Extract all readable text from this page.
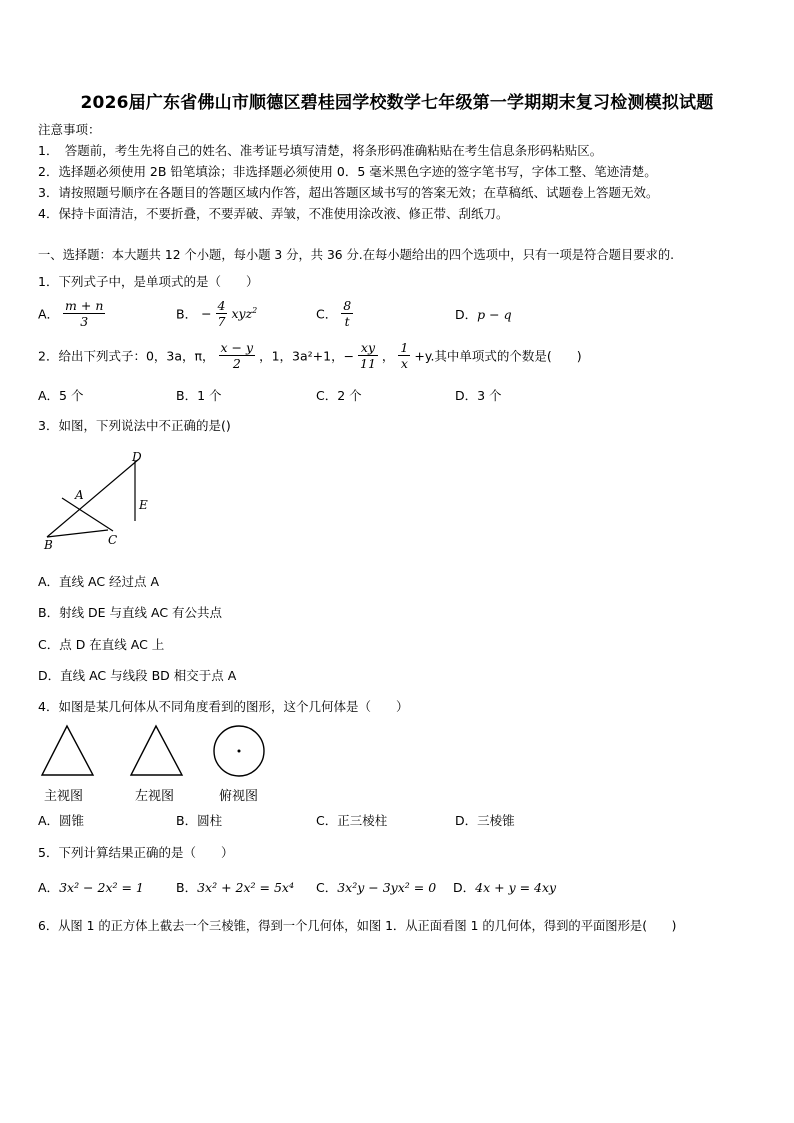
2026届广东省佛山市顺德区碧桂园学校数学七年级第一学期期末复习检测模拟试题
注意事项：
1．　答题前，考生先将自己的姓名、准考证号填写清楚，将条形码准确粘贴在考生信息条形码粘贴区。
2．选择题必须使用 2B 铅笔填涂；非选择题必须使用 0．5 毫米黑色字迹的签字笔书写，字体工整、笔迹清楚。
3．请按照题号顺序在各题目的答题区域内作答，超出答题区域书写的答案无效；在草稿纸、试题卷上答题无效。
4．保持卡面清洁，不要折叠，不要弄破、弄皱，不准使用涂改液、修正带、刮纸刀。
一、选择题：本大题共 12 个小题，每小题 3 分，共 36 分.在每小题给出的四个选项中，只有一项是符合题目要求的.
1．下列式子中，是单项式的是（　　）
A． $\frac{m + n}{3}$	B． − $\frac{4}{7} xyz^2$	C． $\frac{8}{t}$	D．p − q
2．给出下列式子：0，3a，π， $\frac{x - y}{2}$ ，1，3a²+1，− $\frac{xy}{11}$ ， $\frac{1}{x} +y$.其中单项式的个数是(　　)
A．5 个	B．1 个	C．2 个	D．3 个
3．如图，下列说法中不正确的是()
D
A
E
B	C
A．直线 AC 经过点 A
B．射线 DE 与直线 AC 有公共点
C．点 D 在直线 AC 上
D．直线 AC 与线段 BD 相交于点 A
4．如图是某几何体从不同角度看到的图形，这个几何体是（　　）
主视图	左视图	俯视图
A．圆锥	B．圆柱	C．正三棱柱	D．三棱锥
5．下列计算结果正确的是（　　）
A．3x² − 2x² = 1	B．3x² + 2x² = 5x⁴ C．3x²y − 3yx² = 0 D．4x + y = 4xy
6．从图 1 的正方体上截去一个三棱锥，得到一个几何体，如图 1．从正面看图 1 的几何体，得到的平面图形是(　　)
